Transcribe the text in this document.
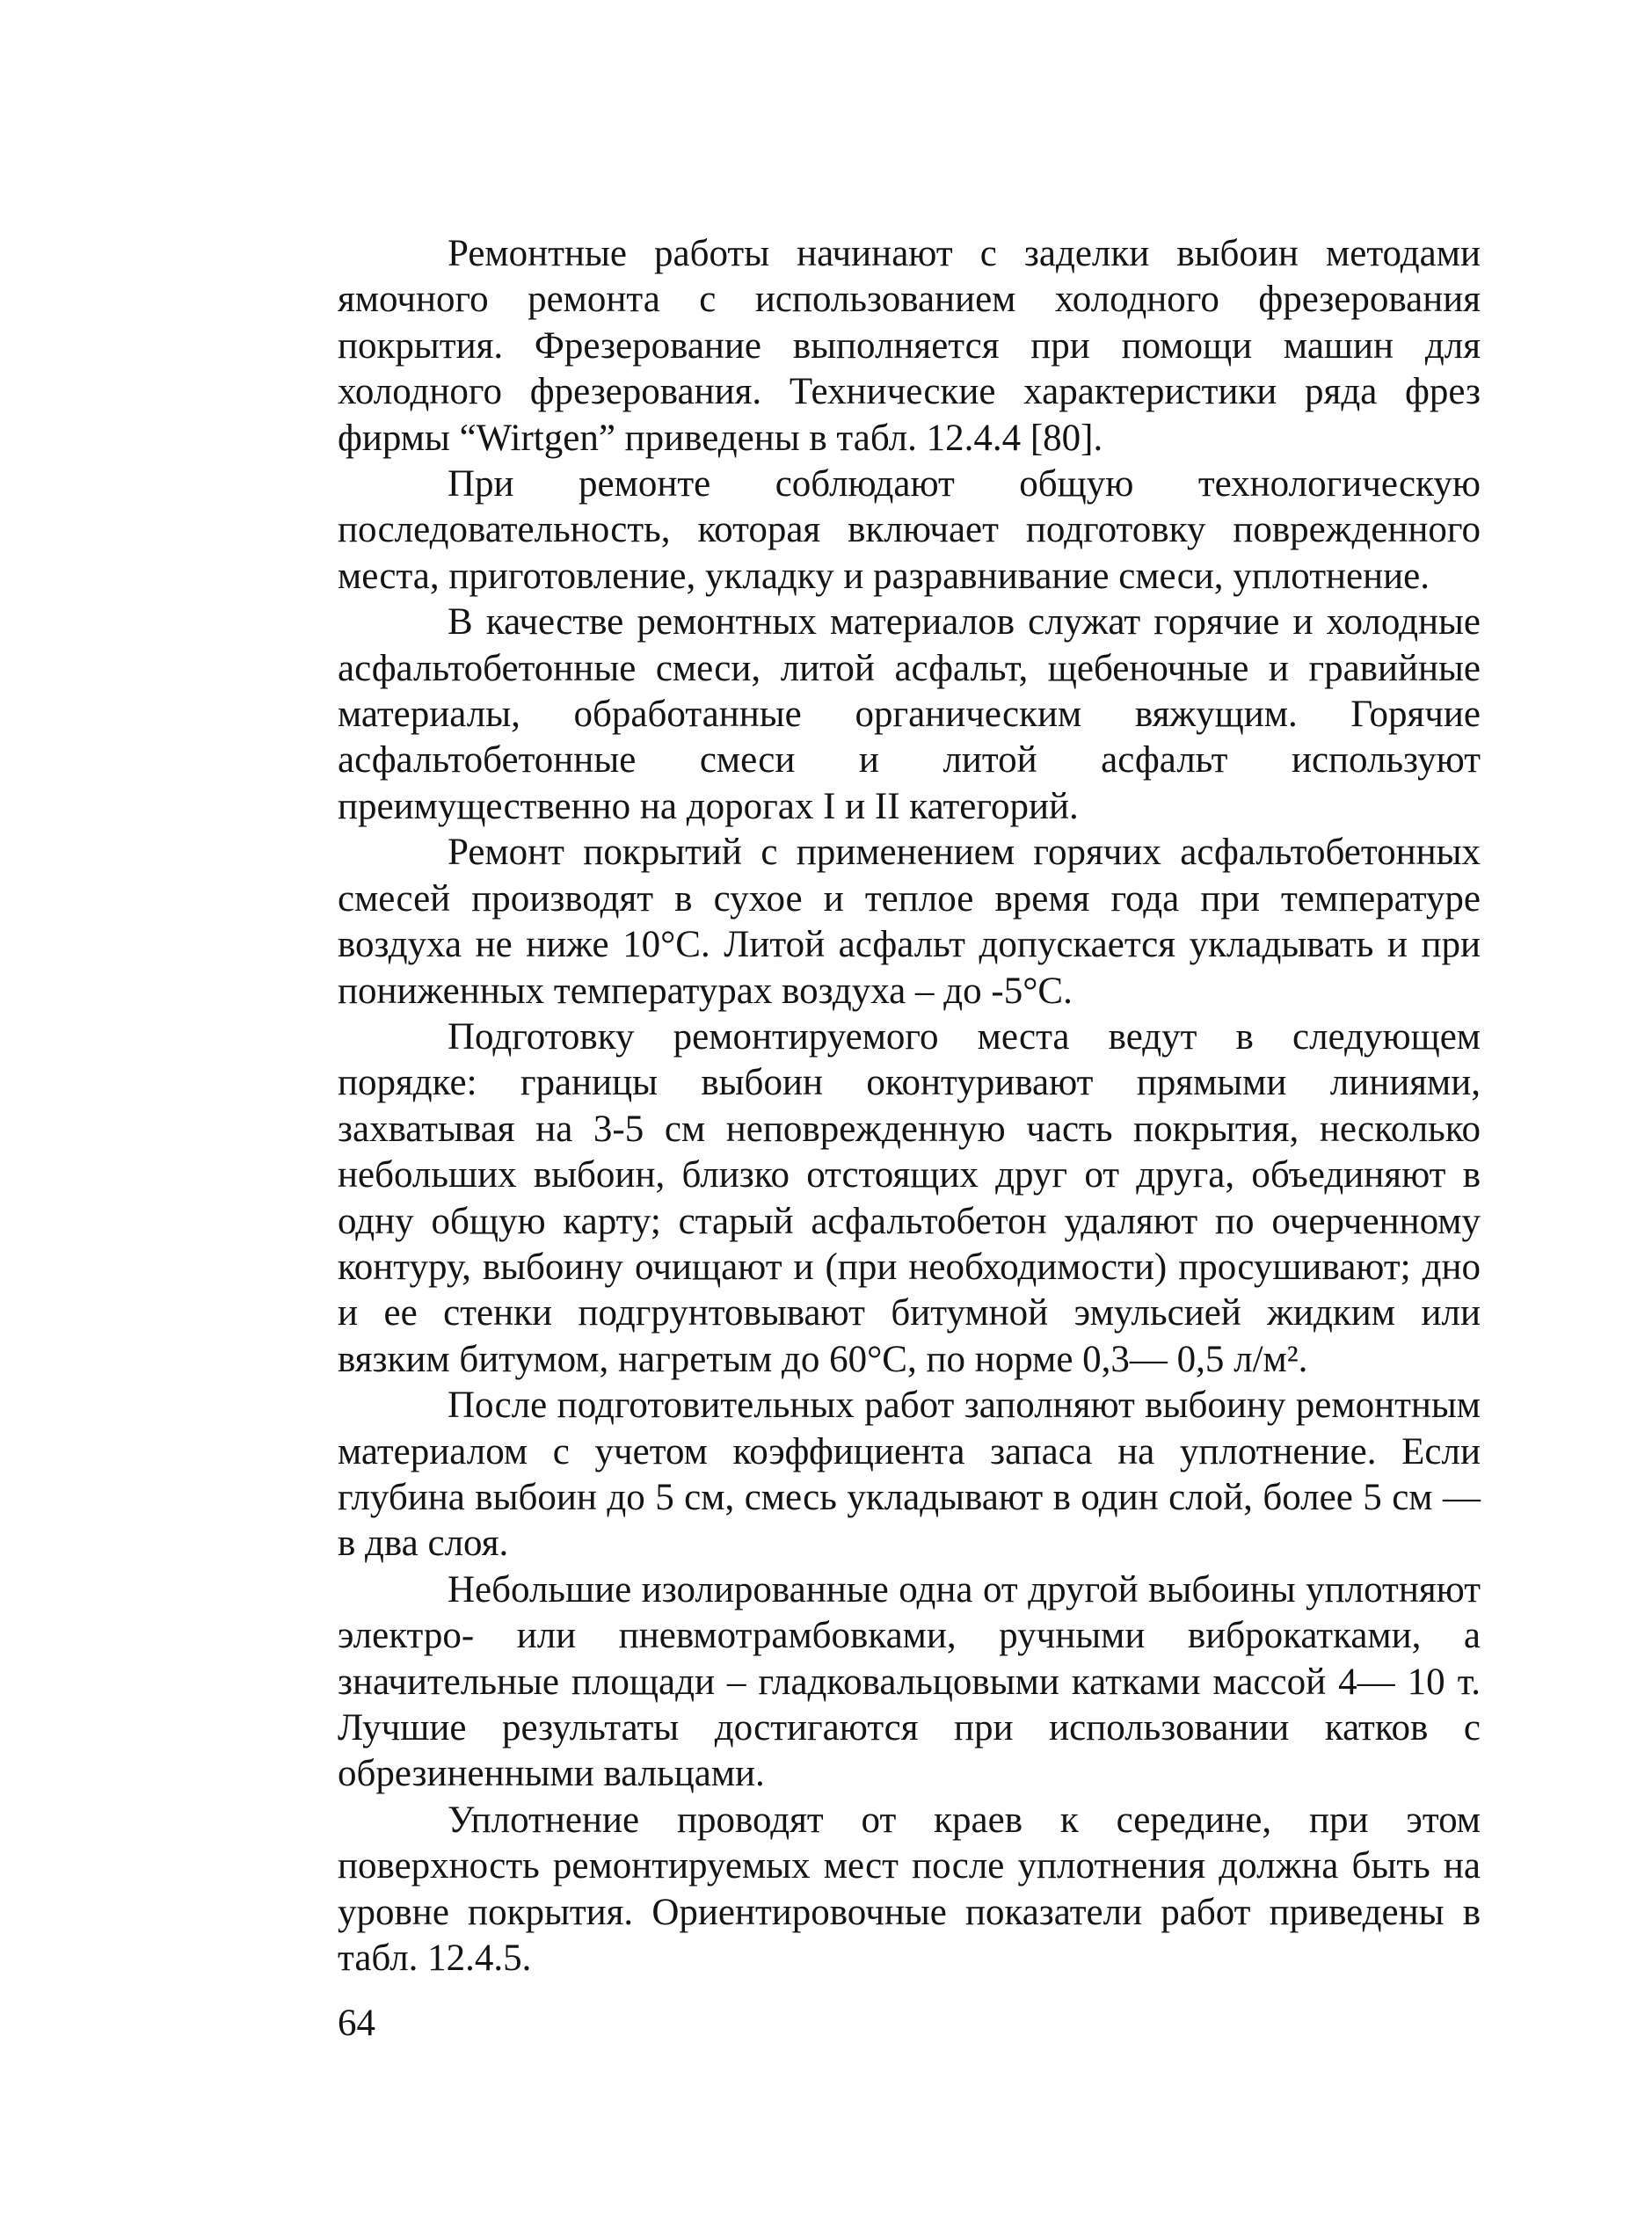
Ремонтные работы начинают с заделки выбоин методами ямочного ремонта с использованием холодного фрезерования покрытия. Фрезерование выполняется при помощи машин для холодного фрезерования. Технические характеристики ряда фрез фирмы “Wirtgen” приведены в табл. 12.4.4 [80].

При ремонте соблюдают общую технологическую последовательность, которая включает подготовку поврежденного места, приготовление, укладку и разравнивание смеси, уплотнение.

В качестве ремонтных материалов служат горячие и холодные асфальтобетонные смеси, литой асфальт, щебеночные и гравийные материалы, обработанные органическим вяжущим. Горячие асфальтобетонные смеси и литой асфальт используют преимущественно на дорогах I и II категорий.

Ремонт покрытий с применением горячих асфальтобетонных смесей производят в сухое и теплое время года при температуре воздуха не ниже 10°С. Литой асфальт допускается укладывать и при пониженных температурах воздуха – до -5°С.

Подготовку ремонтируемого места ведут в следующем порядке: границы выбоин оконтуривают прямыми линиями, захватывая на 3-5 см неповрежденную часть покрытия, несколько небольших выбоин, близко отстоящих друг от друга, объединяют в одну общую карту; старый асфальтобетон удаляют по очерченному контуру, выбоину очищают и (при необходимости) просушивают; дно и ее стенки подгрунтовывают битумной эмульсией жидким или вязким битумом, нагретым до 60°С, по норме 0,3— 0,5 л/м².

После подготовительных работ заполняют выбоину ремонтным материалом с учетом коэффициента запаса на уплотнение. Если глубина выбоин до 5 см, смесь укладывают в один слой, более 5 см — в два слоя.

Небольшие изолированные одна от другой выбоины уплотняют электро- или пневмотрамбовками, ручными виброкатками, а значительные площади – гладковальцовыми катками массой 4— 10 т. Лучшие результаты достигаются при использовании катков с обрезиненными вальцами.

Уплотнение проводят от краев к середине, при этом поверхность ремонтируемых мест после уплотнения должна быть на уровне покрытия. Ориентировочные показатели работ приведены в табл. 12.4.5.

64
